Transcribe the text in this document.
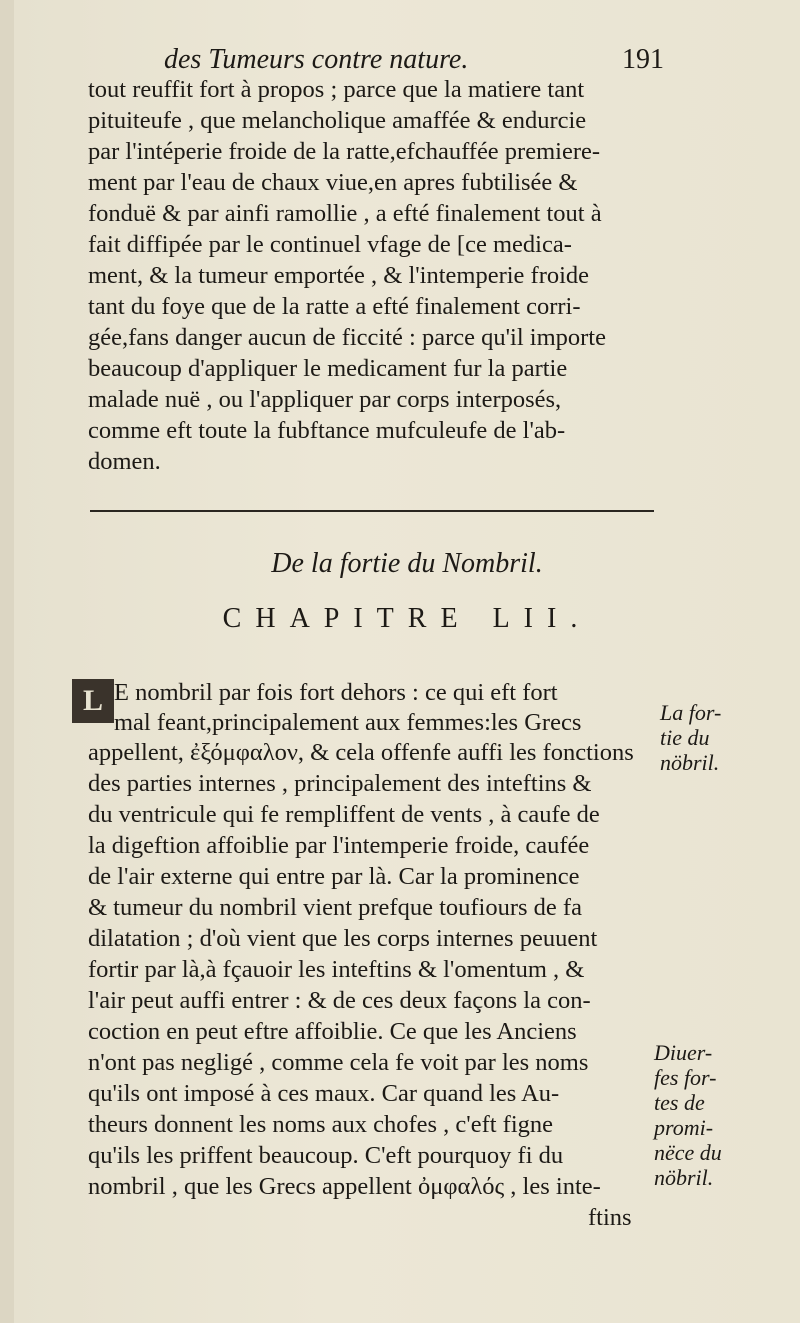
des Tumeurs contre nature.	191
tout reuffit fort à propos ; parce que la matiere tant
pituiteufe , que melancholique amaffée & endurcie
par l'intéperie froide de la ratte,efchauffée premiere-
ment par l'eau de chaux viue,en apres fubtilisée &
fonduë & par ainfi ramollie , a efté finalement tout à
fait diffipée par le continuel vfage de [ce medica-
ment, & la tumeur emportée , & l'intemperie froide
tant du foye que de la ratte a efté finalement corri-
gée,fans danger aucun de ficcité : parce qu'il importe
beaucoup d'appliquer le medicament fur la partie
malade nuë , ou l'appliquer par corps interposés,
comme eft toute la fubftance mufculeufe de l'ab-
domen.
De la fortie du Nombril.
CHAPITRE LII.
L E nombril par fois fort dehors : ce qui eft fort
mal feant,principalement aux femmes:les Grecs
appellent, ἐξόμφαλον, & cela offenfe auffi les fonctions
des parties internes , principalement des inteftins &
du ventricule qui fe rempliffent de vents , à caufe de
la digeftion affoiblie par l'intemperie froide, caufée
de l'air externe qui entre par là. Car la prominence
& tumeur du nombril vient prefque toufiours de fa
dilatation ; d'où vient que les corps internes peuuent
fortir par là,à fçauoir les inteftins & l'omentum , &
l'air peut auffi entrer : & de ces deux façons la con-
coction en peut eftre affoiblie. Ce que les Anciens
n'ont pas negligé , comme cela fe voit par les noms
qu'ils ont imposé à ces maux. Car quand les Au-
theurs donnent les noms aux chofes , c'eft figne
qu'ils les priffent beaucoup. C'eft pourquoy fi du
nombril , que les Grecs appellent ὀμφαλός , les inte-
ftins
La for-
tie du
nöbril.
Diuer-
fes for-
tes de
promi-
nëce du
nöbril.
